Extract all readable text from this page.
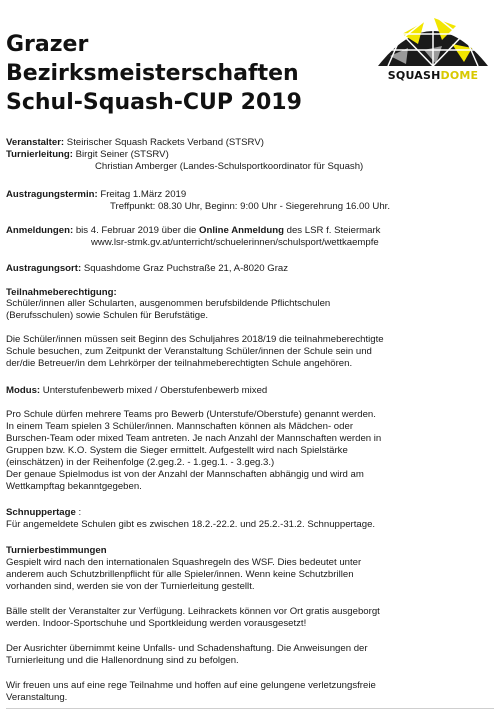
Grazer
Bezirksmeisterschaften
Schul-Squash-CUP 2019
SQUASHDOME
Veranstalter: Steirischer Squash Rackets Verband (STSRV)
Turnierleitung: Birgit Seiner (STSRV)
Christian Amberger (Landes-Schulsportkoordinator für Squash)
Austragungstermin: Freitag 1.März 2019
Treffpunkt: 08.30 Uhr, Beginn: 9:00 Uhr - Siegerehrung 16.00 Uhr.
Anmeldungen: bis 4. Februar 2019 über die Online Anmeldung des LSR f. Steiermark
www.lsr-stmk.gv.at/unterricht/schuelerinnen/schulsport/wettkaempfe
Austragungsort: Squashdome Graz Puchstraße 21, A-8020 Graz
Teilnahmeberechtigung:
Schüler/innen aller Schularten, ausgenommen berufsbildende Pflichtschulen
(Berufsschulen) sowie Schulen für Berufstätige.
Die Schüler/innen müssen seit Beginn des Schuljahres 2018/19 die teilnahmeberechtigte
Schule besuchen, zum Zeitpunkt der Veranstaltung Schüler/innen der Schule sein und
der/die Betreuer/in dem Lehrkörper der teilnahmeberechtigten Schule angehören.
Modus: Unterstufenbewerb mixed / Oberstufenbewerb mixed
Pro Schule dürfen mehrere Teams pro Bewerb (Unterstufe/Oberstufe) genannt werden.
In einem Team spielen 3 Schüler/innen. Mannschaften können als Mädchen- oder
Burschen-Team oder mixed Team antreten. Je nach Anzahl der Mannschaften werden in
Gruppen bzw. K.O. System die Sieger ermittelt. Aufgestellt wird nach Spielstärke
(einschätzen) in der Reihenfolge (2.geg.2. - 1.geg.1. - 3.geg.3.)
Der genaue Spielmodus ist von der Anzahl der Mannschaften abhängig und wird am
Wettkampftag bekanntgegeben.
Schnuppertage :
Für angemeldete Schulen gibt es zwischen 18.2.-22.2. und 25.2.-31.2. Schnuppertage.
Turnierbestimmungen
Gespielt wird nach den internationalen Squashregeln des WSF. Dies bedeutet unter
anderem auch Schutzbrillenpflicht für alle Spieler/innen. Wenn keine Schutzbrillen
vorhanden sind, werden sie von der Turnierleitung gestellt.
Bälle stellt der Veranstalter zur Verfügung. Leihrackets können vor Ort gratis ausgeborgt
werden. Indoor-Sportschuhe und Sportkleidung werden vorausgesetzt!
Der Ausrichter übernimmt keine Unfalls- und Schadenshaftung. Die Anweisungen der
Turnierleitung und die Hallenordnung sind zu befolgen.
Wir freuen uns auf eine rege Teilnahme und hoffen auf eine gelungene verletzungsfreie
Veranstaltung.
